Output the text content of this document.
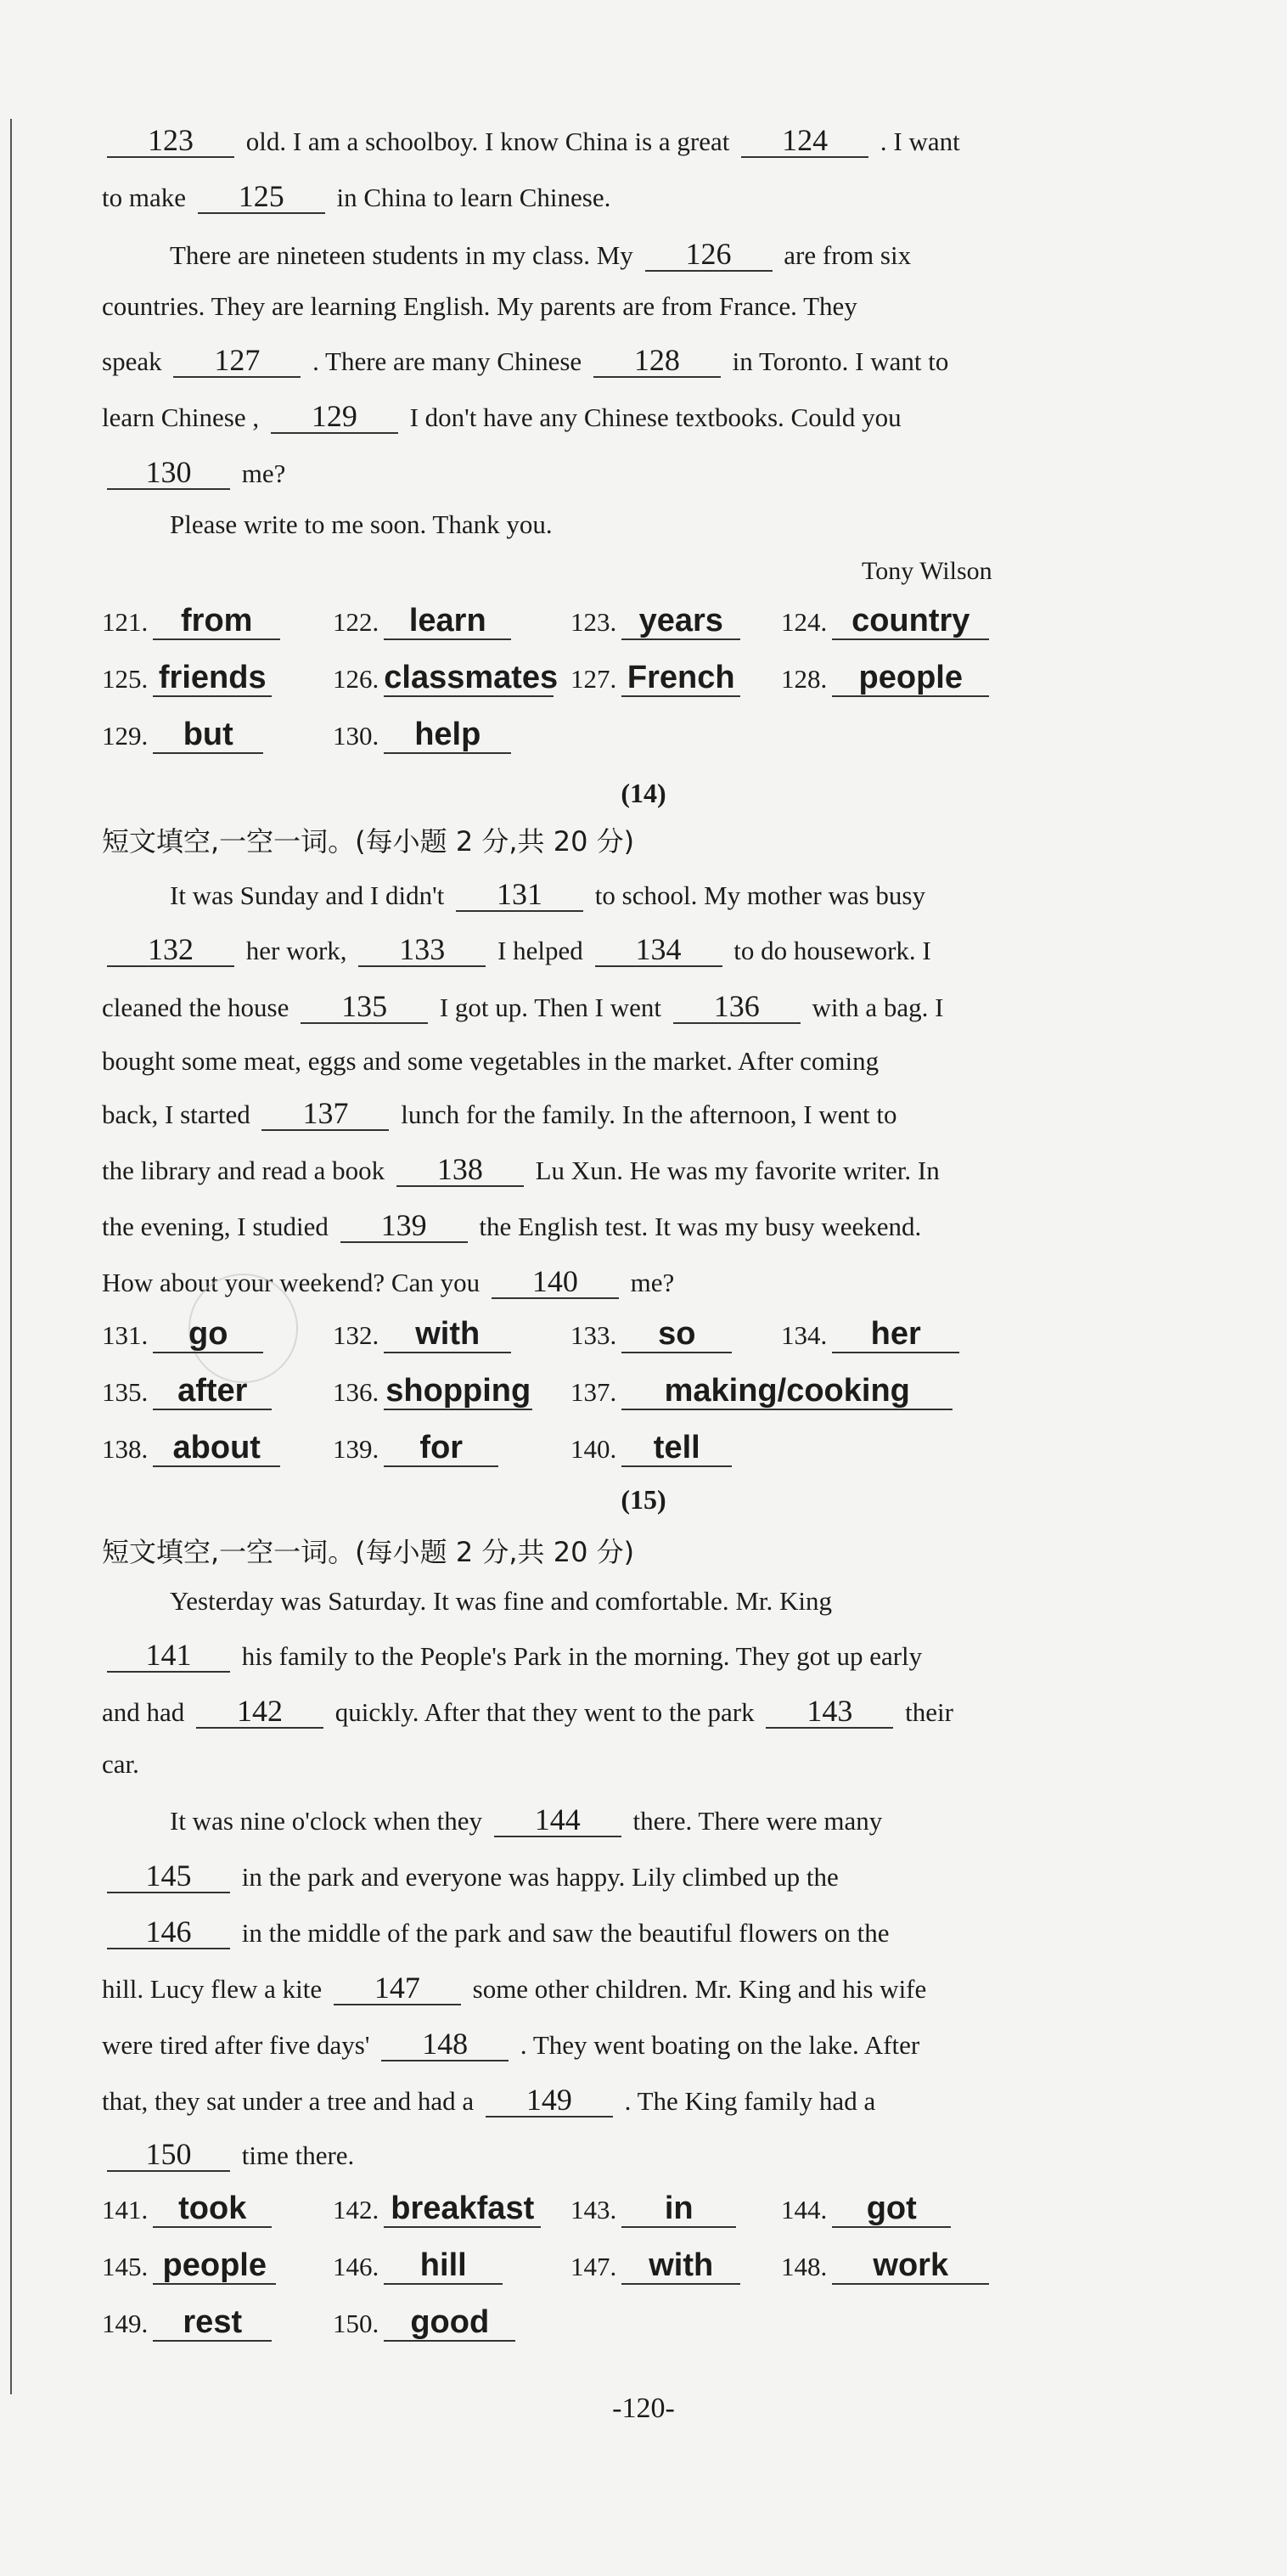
123 old. I am a schoolboy. I know China is a great 124 . I want
to make 125 in China to learn Chinese.
There are nineteen students in my class. My 126 are from six
countries. They are learning English. My parents are from France. They
speak 127 . There are many Chinese 128 in Toronto. I want to
learn Chinese , 129 I don't have any Chinese textbooks. Could you
130 me?
Please write to me soon. Thank you.
Tony Wilson
121. from	122. learn	123. years	124. country
125. friends	126. classmates 127. French 128. people
129. but	130. help
(14)
短文填空,一空一词。(每小题 2 分,共 20 分)
It was Sunday and I didn't 131 to school. My mother was busy
132 her work, 133 I helped 134 to do housework. I
cleaned the house 135 I got up. Then I went 136 with a bag. I
bought some meat, eggs and some vegetables in the market. After coming
back, I started 137 lunch for the family. In the afternoon, I went to
the library and read a book 138 Lu Xun. He was my favorite writer. In
the evening, I studied 139 the English test. It was my busy weekend.
How about your weekend? Can you 140 me?
131. go	132. with	133. so	134. her
135. after	136. shopping 137. making/cooking
138. about	139. for	140. tell
(15)
短文填空,一空一词。(每小题 2 分,共 20 分)
Yesterday was Saturday. It was fine and comfortable. Mr. King
141 his family to the People's Park in the morning. They got up early
and had 142 quickly. After that they went to the park 143 their
car.
It was nine o'clock when they 144 there. There were many
145 in the park and everyone was happy. Lily climbed up the
146 in the middle of the park and saw the beautiful flowers on the
hill. Lucy flew a kite 147 some other children. Mr. King and his wife
were tired after five days' 148 . They went boating on the lake. After
that, they sat under a tree and had a 149 . The King family had a
150 time there.
141. took	142. breakfast 143. in	144. got
145. people	146. hill	147. with	148. work
149. rest	150. good
-120-
